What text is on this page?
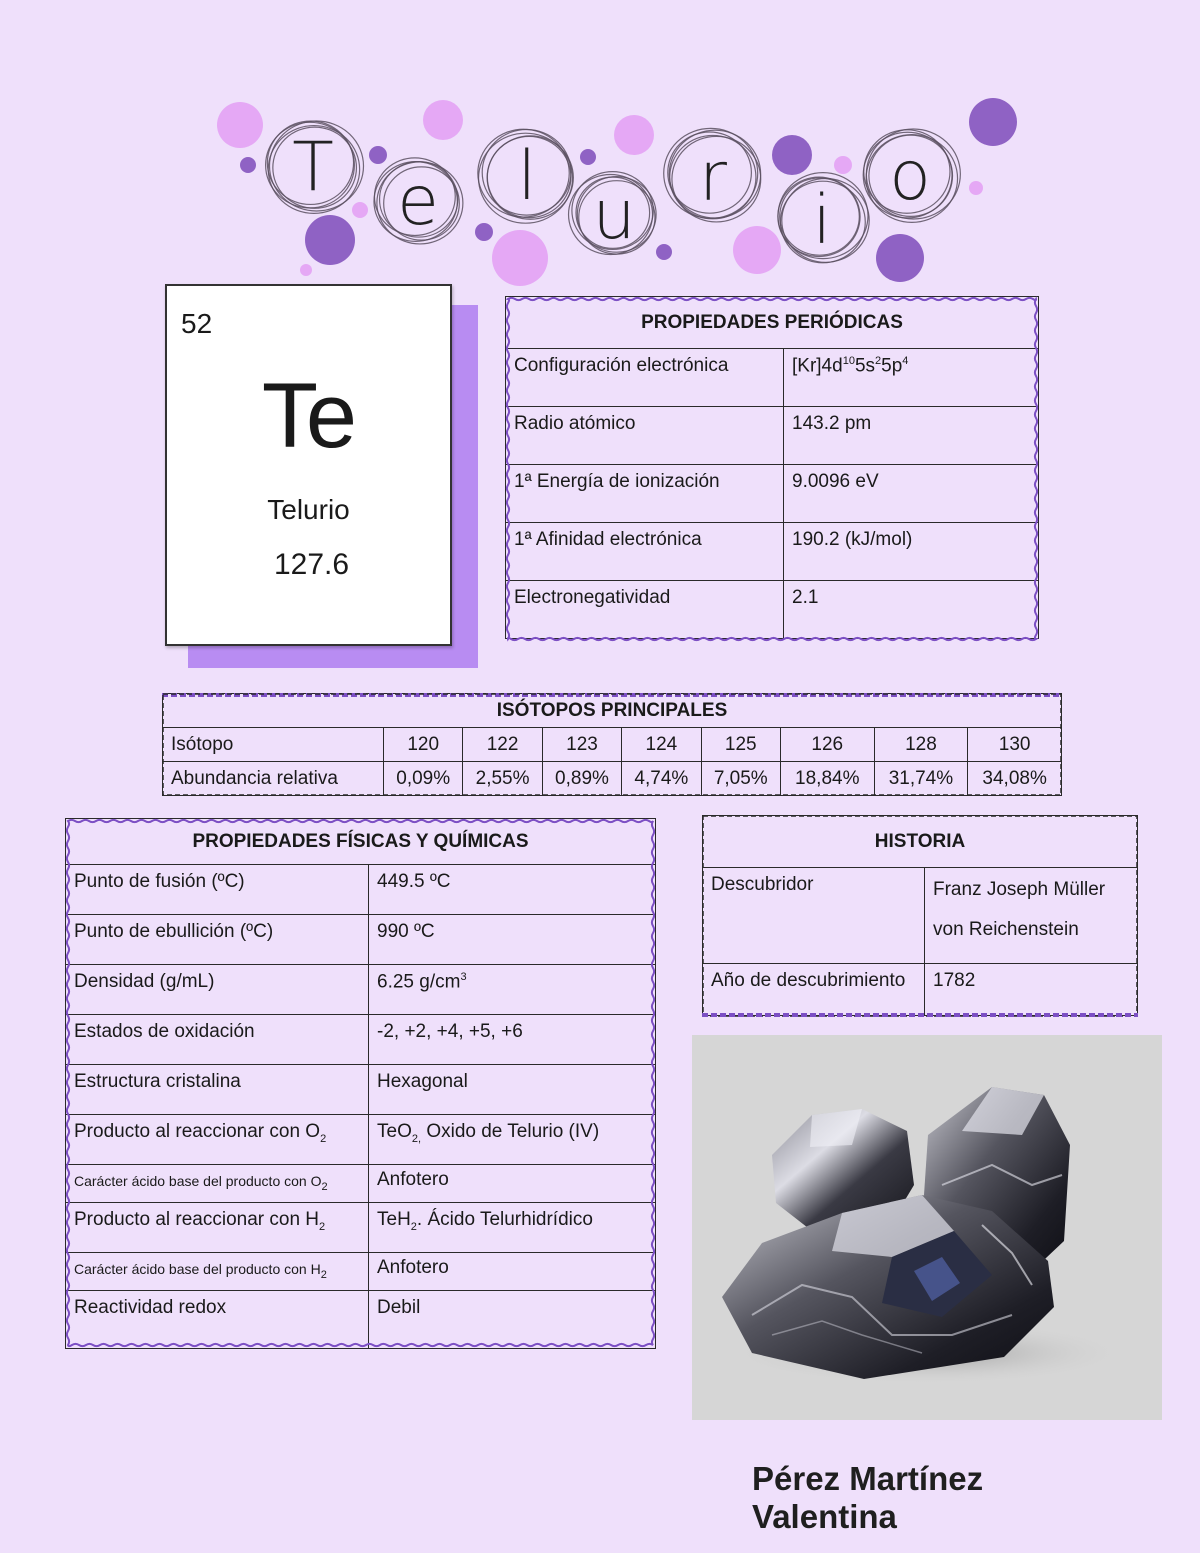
T e l u r
i
o
52
Te
Telurio
127.6
PROPIEDADES PERIÓDICAS	
Configuración electrónica	$[Kr]4d^{10}5s^25p^4$
Radio atómico	143.2 pm
1ª Energía de ionización	9.0096 eV
1ª Afinidad electrónica	190.2 (kJ/mol)
Electronegatividad	2.1
ISÓTOPOS PRINCIPALES								
Isótopo	120	122	123	124	125	126	128	130
Abundancia relativa	0,09%	2,55%	0,89%	4,74%	7,05%	18,84%	31,74%	34,08%
PROPIEDADES FÍSICAS Y QUÍMICAS	
Punto de fusión (ºC)	449.5 ºC
Punto de ebullición (ºC)	990 ºC
Densidad (g/mL)	6.25 $g/cm^3$
Estados de oxidación	-2, +2, +4, +5, +6
Estructura cristalina	Hexagonal
Producto al reaccionar con $O_2$	TeO$_{2,}$ Oxido de Telurio (IV)
Carácter ácido base del producto con $O_2$	Anfotero
Producto al reaccionar con $H_2$	TeH$_2$. Ácido Telurhidrídico
Carácter ácido base del producto con $H_2$	Anfotero
Reactividad redox	Debil
HISTORIA	
Descubridor	Franz Joseph Müller
von Reichenstein

Año de descubrimiento	1782
Pérez Martínez Valentina
